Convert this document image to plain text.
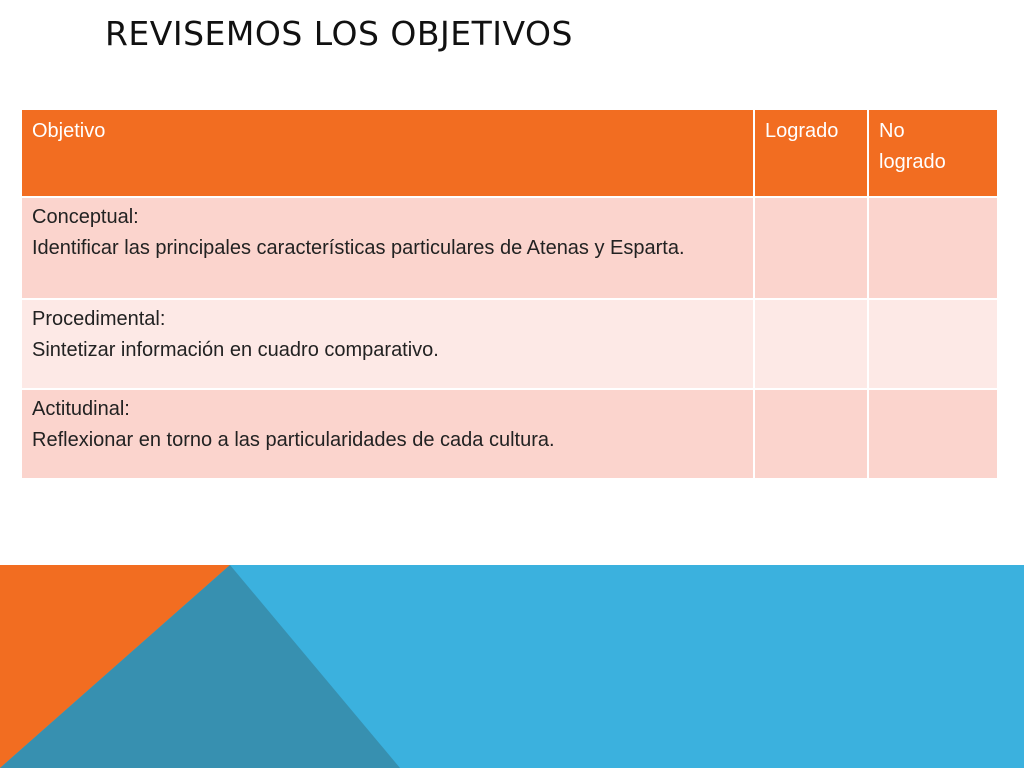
REVISEMOS LOS OBJETIVOS
Objetivo	Logrado	No
logrado

Conceptual:
Identificar las principales características particulares de Atenas y Esparta.		

Procedimental:
Sintetizar información en cuadro comparativo.		

Actitudinal:
Reflexionar en torno a las particularidades de cada cultura.		
